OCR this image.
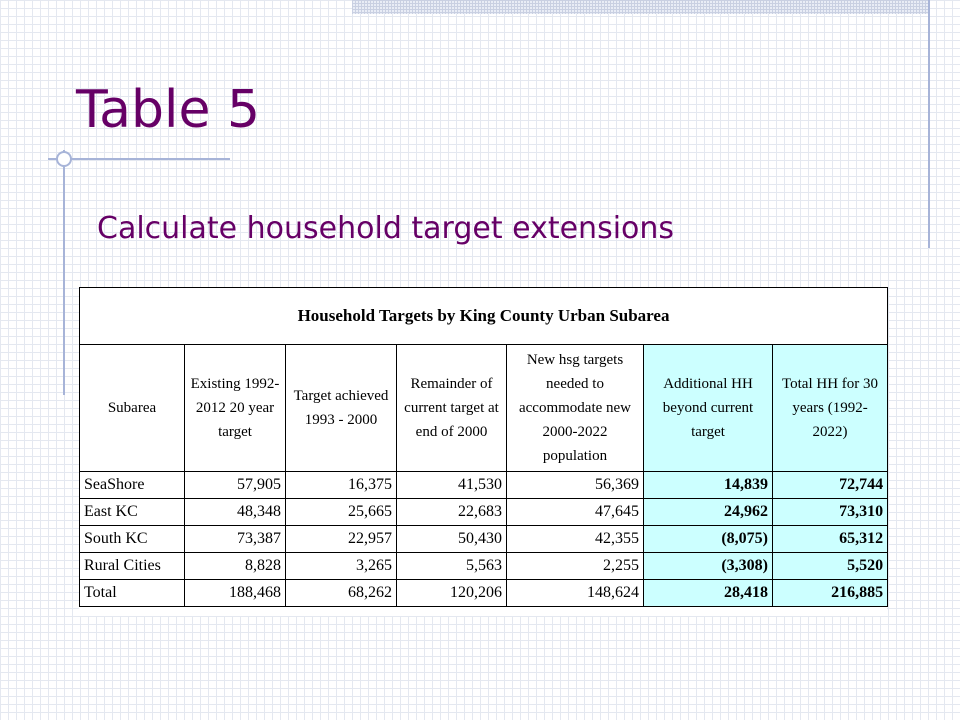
Table 5

Calculate household target extensions

Household Targets by King County Urban Subarea						
Subarea	Existing 1992-2012 20 year target	Target achieved 1993 - 2000	Remainder of current target at end of 2000	New hsg targets needed to accommodate new 2000-2022 population	Additional HH beyond current target	Total HH for 30 years (1992-2022)
SeaShore	57,905	16,375	41,530	56,369	14,839	72,744
East KC	48,348	25,665	22,683	47,645	24,962	73,310
South KC	73,387	22,957	50,430	42,355	(8,075)	65,312
Rural Cities	8,828	3,265	5,563	2,255	(3,308)	5,520
Total	188,468	68,262	120,206	148,624	28,418	216,885
